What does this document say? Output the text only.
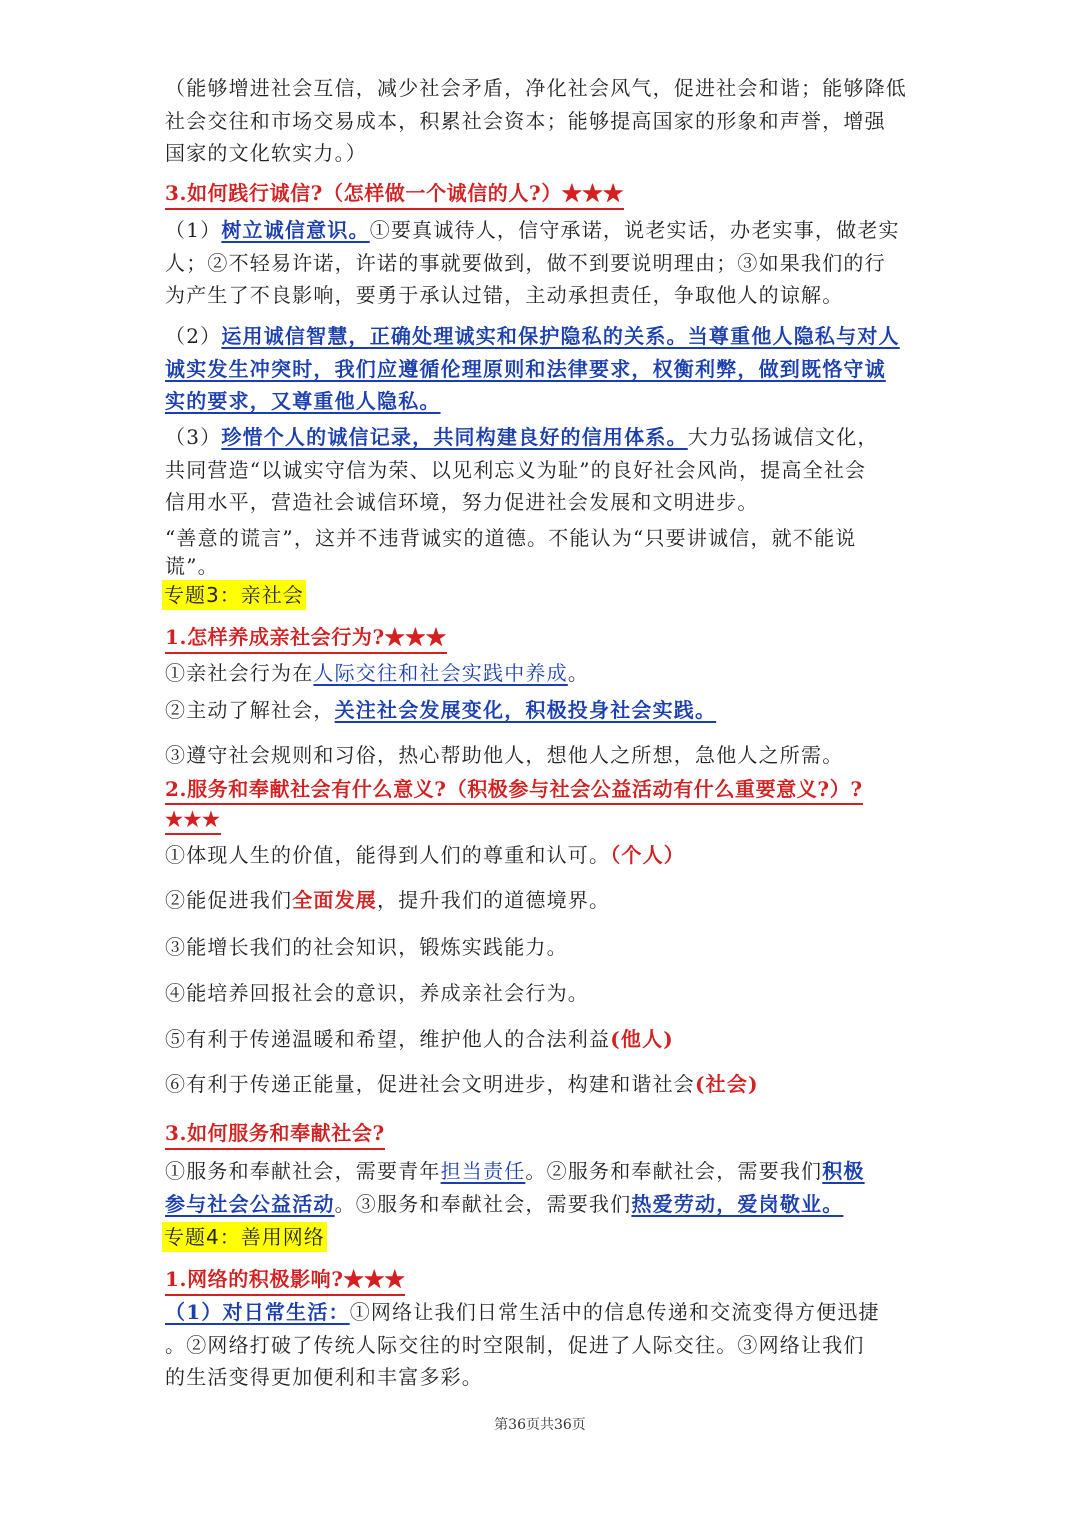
（能够增进社会互信，减少社会矛盾，净化社会风气，促进社会和谐；能够降低

社会交往和市场交易成本，积累社会资本；能够提高国家的形象和声誉，增强

国家的文化软实力。）

3.如何践行诚信?（怎样做一个诚信的人?）★★★

（1）树立诚信意识。①要真诚待人，信守承诺，说老实话，办老实事，做老实

人；②不轻易许诺，许诺的事就要做到，做不到要说明理由；③如果我们的行

为产生了不良影响，要勇于承认过错，主动承担责任，争取他人的谅解。

（2）运用诚信智慧，正确处理诚实和保护隐私的关系。当尊重他人隐私与对人

诚实发生冲突时，我们应遵循伦理原则和法律要求，权衡利弊，做到既恪守诚

实的要求，又尊重他人隐私。

（3）珍惜个人的诚信记录，共同构建良好的信用体系。大力弘扬诚信文化，

共同营造“以诚实守信为荣、以见利忘义为耻”的良好社会风尚，提高全社会

信用水平，营造社会诚信环境，努力促进社会发展和文明进步。

“善意的谎言”，这并不违背诚实的道德。不能认为“只要讲诚信，就不能说

谎”。

专题3：亲社会
1.怎样养成亲社会行为?★★★
①亲社会行为在人际交往和社会实践中养成。
②主动了解社会，关注社会发展变化，积极投身社会实践。
③遵守社会规则和习俗，热心帮助他人，想他人之所想，急他人之所需。
2.服务和奉献社会有什么意义?（积极参与社会公益活动有什么重要意义?）?
★★★
①体现人生的价值，能得到人们的尊重和认可。（个人）
②能促进我们全面发展，提升我们的道德境界。
③能增长我们的社会知识，锻炼实践能力。
④能培养回报社会的意识，养成亲社会行为。
⑤有利于传递温暖和希望，维护他人的合法利益(他人)
⑥有利于传递正能量，促进社会文明进步，构建和谐社会(社会)
3.如何服务和奉献社会?

①服务和奉献社会，需要青年担当责任。②服务和奉献社会，需要我们积极

参与社会公益活动。③服务和奉献社会，需要我们热爱劳动，爱岗敬业。

专题4：善用网络
1.网络的积极影响?★★★

（1）对日常生活：①网络让我们日常生活中的信息传递和交流变得方便迅捷

。②网络打破了传统人际交往的时空限制，促进了人际交往。③网络让我们

的生活变得更加便利和丰富多彩。

第36页共36页
